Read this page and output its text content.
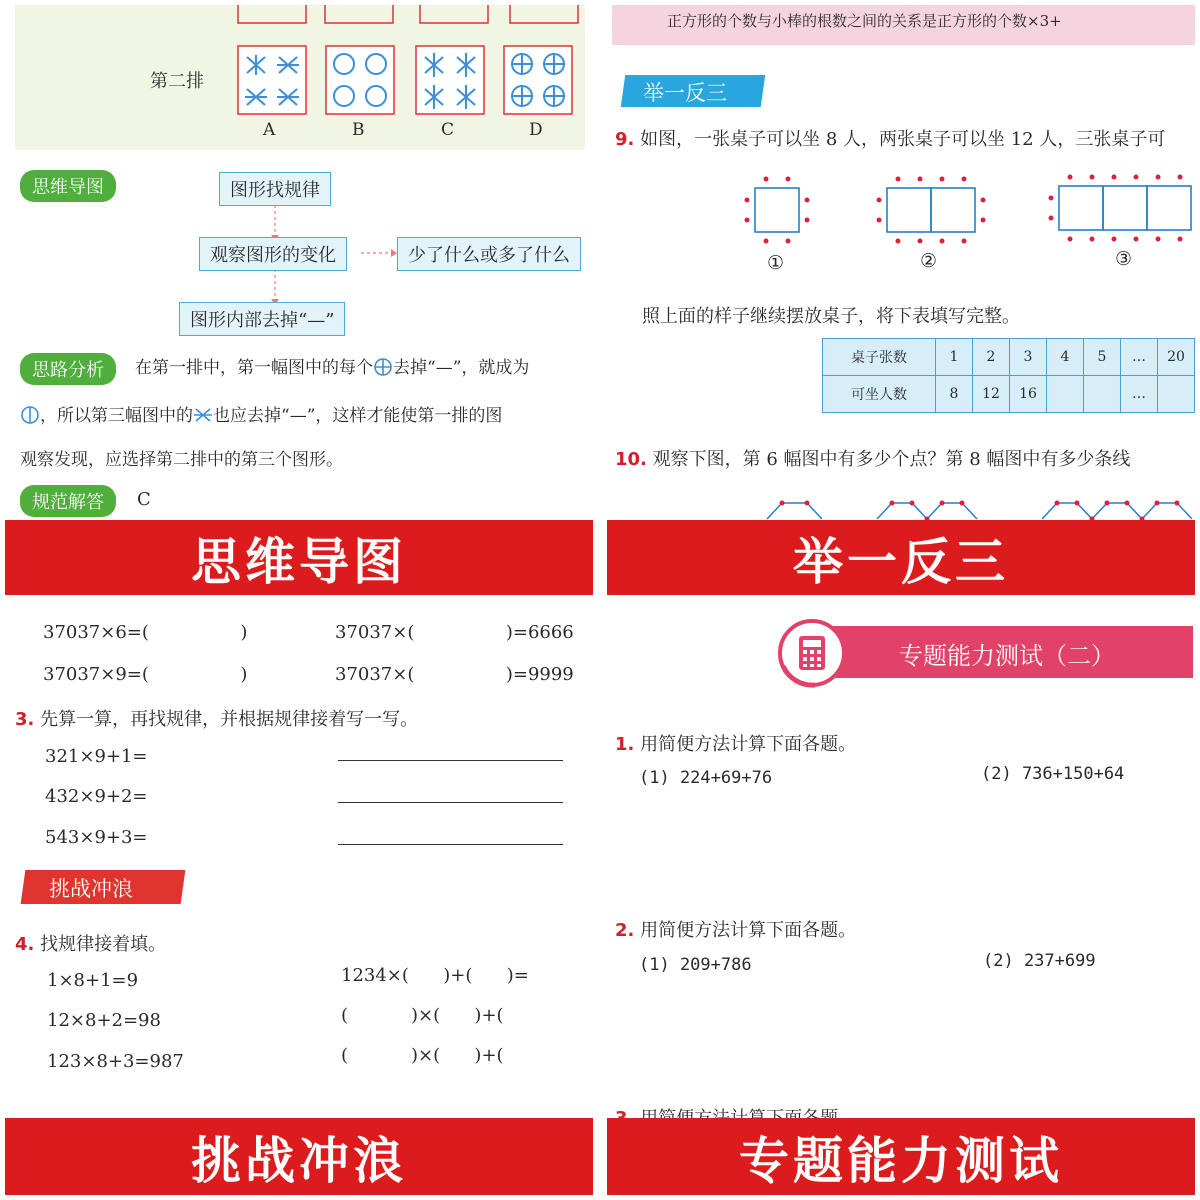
第二排
A	B	C	D
思维导图	图形找规律
观察图形的变化	少了什么或多了什么
图形内部去掉“—”
思路分析	在第一排中，第一幅图中的每个 去掉“—”，就成为
，所以第三幅图中的 也应去掉“—”，这样才能使第一排的图
观察发现，应选择第二排中的第三个图形。
规范解答	C
思维导图
正方形的个数与小棒的根数之间的关系是正方形的个数×3+
举一反三
9. 如图，一张桌子可以坐 8 人，两张桌子可以坐 12 人，三张桌子可
①	②	③
照上面的样子继续摆放桌子，将下表填写完整。
桌子张数	1	2	3	4	5	…	20
可坐人数	8	12	16			…	
10. 观察下图，第 6 幅图中有多少个点？第 8 幅图中有多少条线
举一反三
37037×6=(	)	37037×(	)=6666
37037×9=(	)	37037×(	)=9999
3. 先算一算，再找规律，并根据规律接着写一写。
321×9+1=
432×9+2=
543×9+3=
挑战冲浪
4. 找规律接着填。
1×8+1=9
12×8+2=98
123×8+3=987
1234×(      )+(      )=
(           )×(      )+(
(           )×(      )+(
挑战冲浪
专题能力测试（二）
1. 用简便方法计算下面各题。
(1) 224+69+76	(2) 736+150+64
2. 用简便方法计算下面各题。
(1) 209+786	(2) 237+699
专题能力测试
